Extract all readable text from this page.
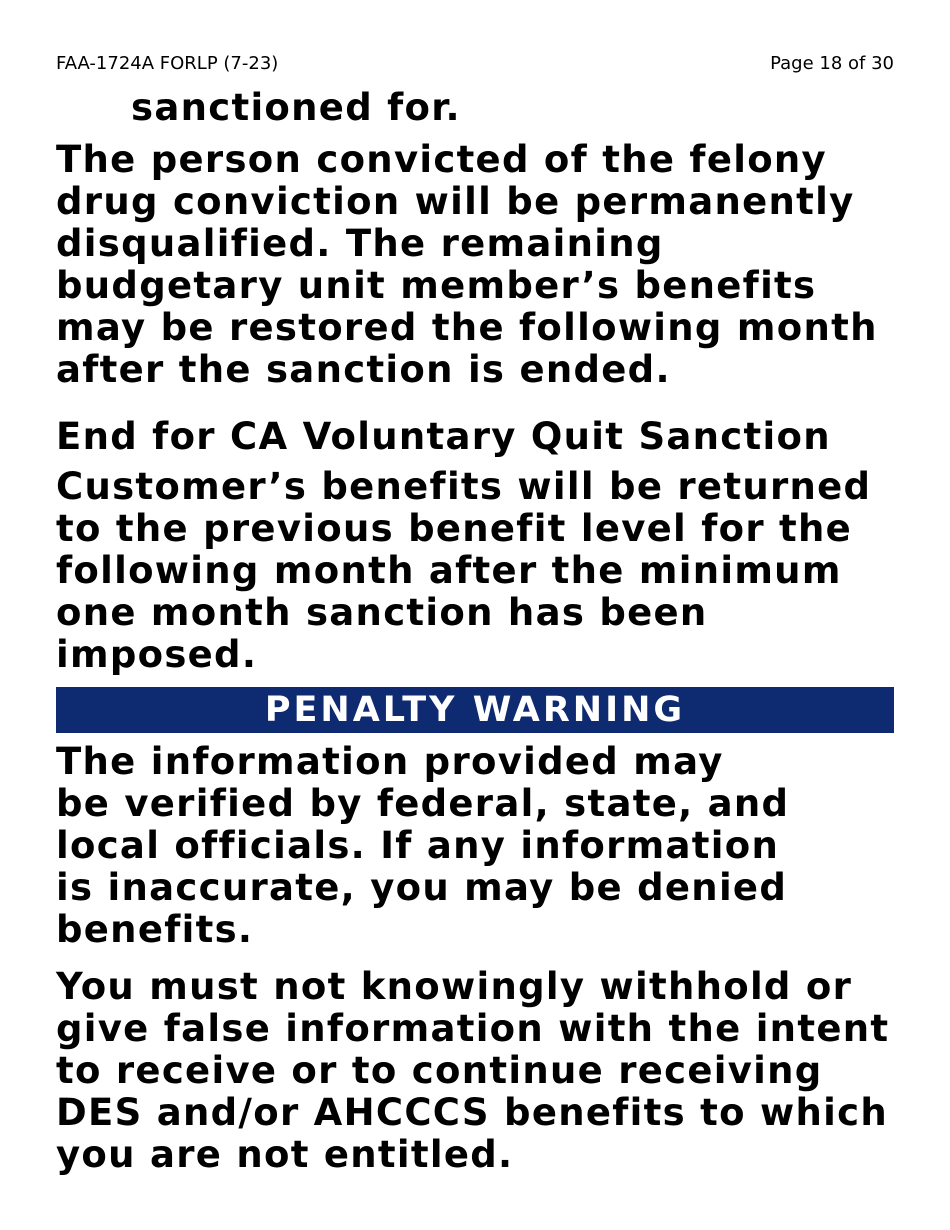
FAA-1724A FORLP (7-23)	Page 18 of 30

sanctioned for.

The person convicted of the felony
drug conviction will be permanently
disqualified. The remaining
budgetary unit member’s benefits
may be restored the following month
after the sanction is ended.

End for CA Voluntary Quit Sanction

Customer’s benefits will be returned
to the previous benefit level for the
following month after the minimum
one month sanction has been
imposed.

PENALTY WARNING

The information provided may
be verified by federal, state, and
local officials. If any information
is inaccurate, you may be denied
benefits.

You must not knowingly withhold or
give false information with the intent
to receive or to continue receiving
DES and/or AHCCCS benefits to which
you are not entitled.
